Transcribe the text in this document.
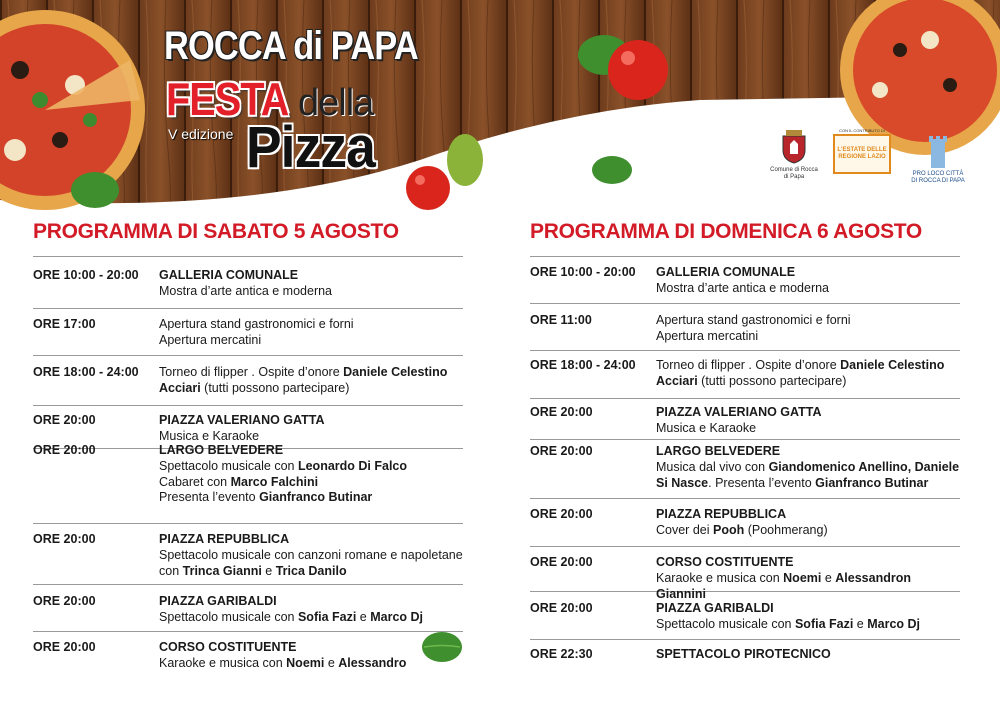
ROCCA di PAPA
FESTA della
V edizione Pizza	Comune di Rocca di Papa
CON IL CONTRIBUTO DI
L'ESTATE DELLE REGIONE LAZIO
PRO LOCO CITTÀ DI ROCCA DI PAPA
PROGRAMMA DI SABATO 5 AGOSTO
ORE 10:00 - 20:00 GALLERIA COMUNALE
Mostra d’arte antica e moderna
ORE 17:00	Apertura stand gastronomici e forni
Apertura mercatini
ORE 18:00 - 24:00 Torneo di flipper . Ospite d’onore Daniele Celestino
Acciari (tutti possono partecipare)
ORE 20:00	PIAZZA VALERIANO GATTA
Musica e Karaoke
ORE 20:00	LARGO BELVEDERE
Spettacolo musicale con Leonardo Di Falco
Cabaret con Marco Falchini
Presenta l’evento Gianfranco Butinar
ORE 20:00	PIAZZA REPUBBLICA
Spettacolo musicale con canzoni romane e napoletane
con Trinca Gianni e Trica Danilo
ORE 20:00	PIAZZA GARIBALDI
Spettacolo musicale con Sofia Fazi e Marco Dj
ORE 20:00	CORSO COSTITUENTE
Karaoke e musica con Noemi e Alessandro
PROGRAMMA DI DOMENICA 6 AGOSTO
ORE 10:00 - 20:00 GALLERIA COMUNALE
Mostra d’arte antica e moderna
ORE 11:00	Apertura stand gastronomici e forni
Apertura mercatini
ORE 18:00 - 24:00 Torneo di flipper . Ospite d’onore Daniele Celestino
Acciari (tutti possono partecipare)
ORE 20:00	PIAZZA VALERIANO GATTA
Musica e Karaoke
ORE 20:00	LARGO BELVEDERE
Musica dal vivo con Giandomenico Anellino, Daniele
Si Nasce. Presenta l’evento Gianfranco Butinar
ORE 20:00	PIAZZA REPUBBLICA
Cover dei Pooh (Poohmerang)
ORE 20:00	CORSO COSTITUENTE
Karaoke e musica con Noemi e Alessandron Giannini
ORE 20:00	PIAZZA GARIBALDI
Spettacolo musicale con Sofia Fazi e Marco Dj
ORE 22:30	SPETTACOLO PIROTECNICO
